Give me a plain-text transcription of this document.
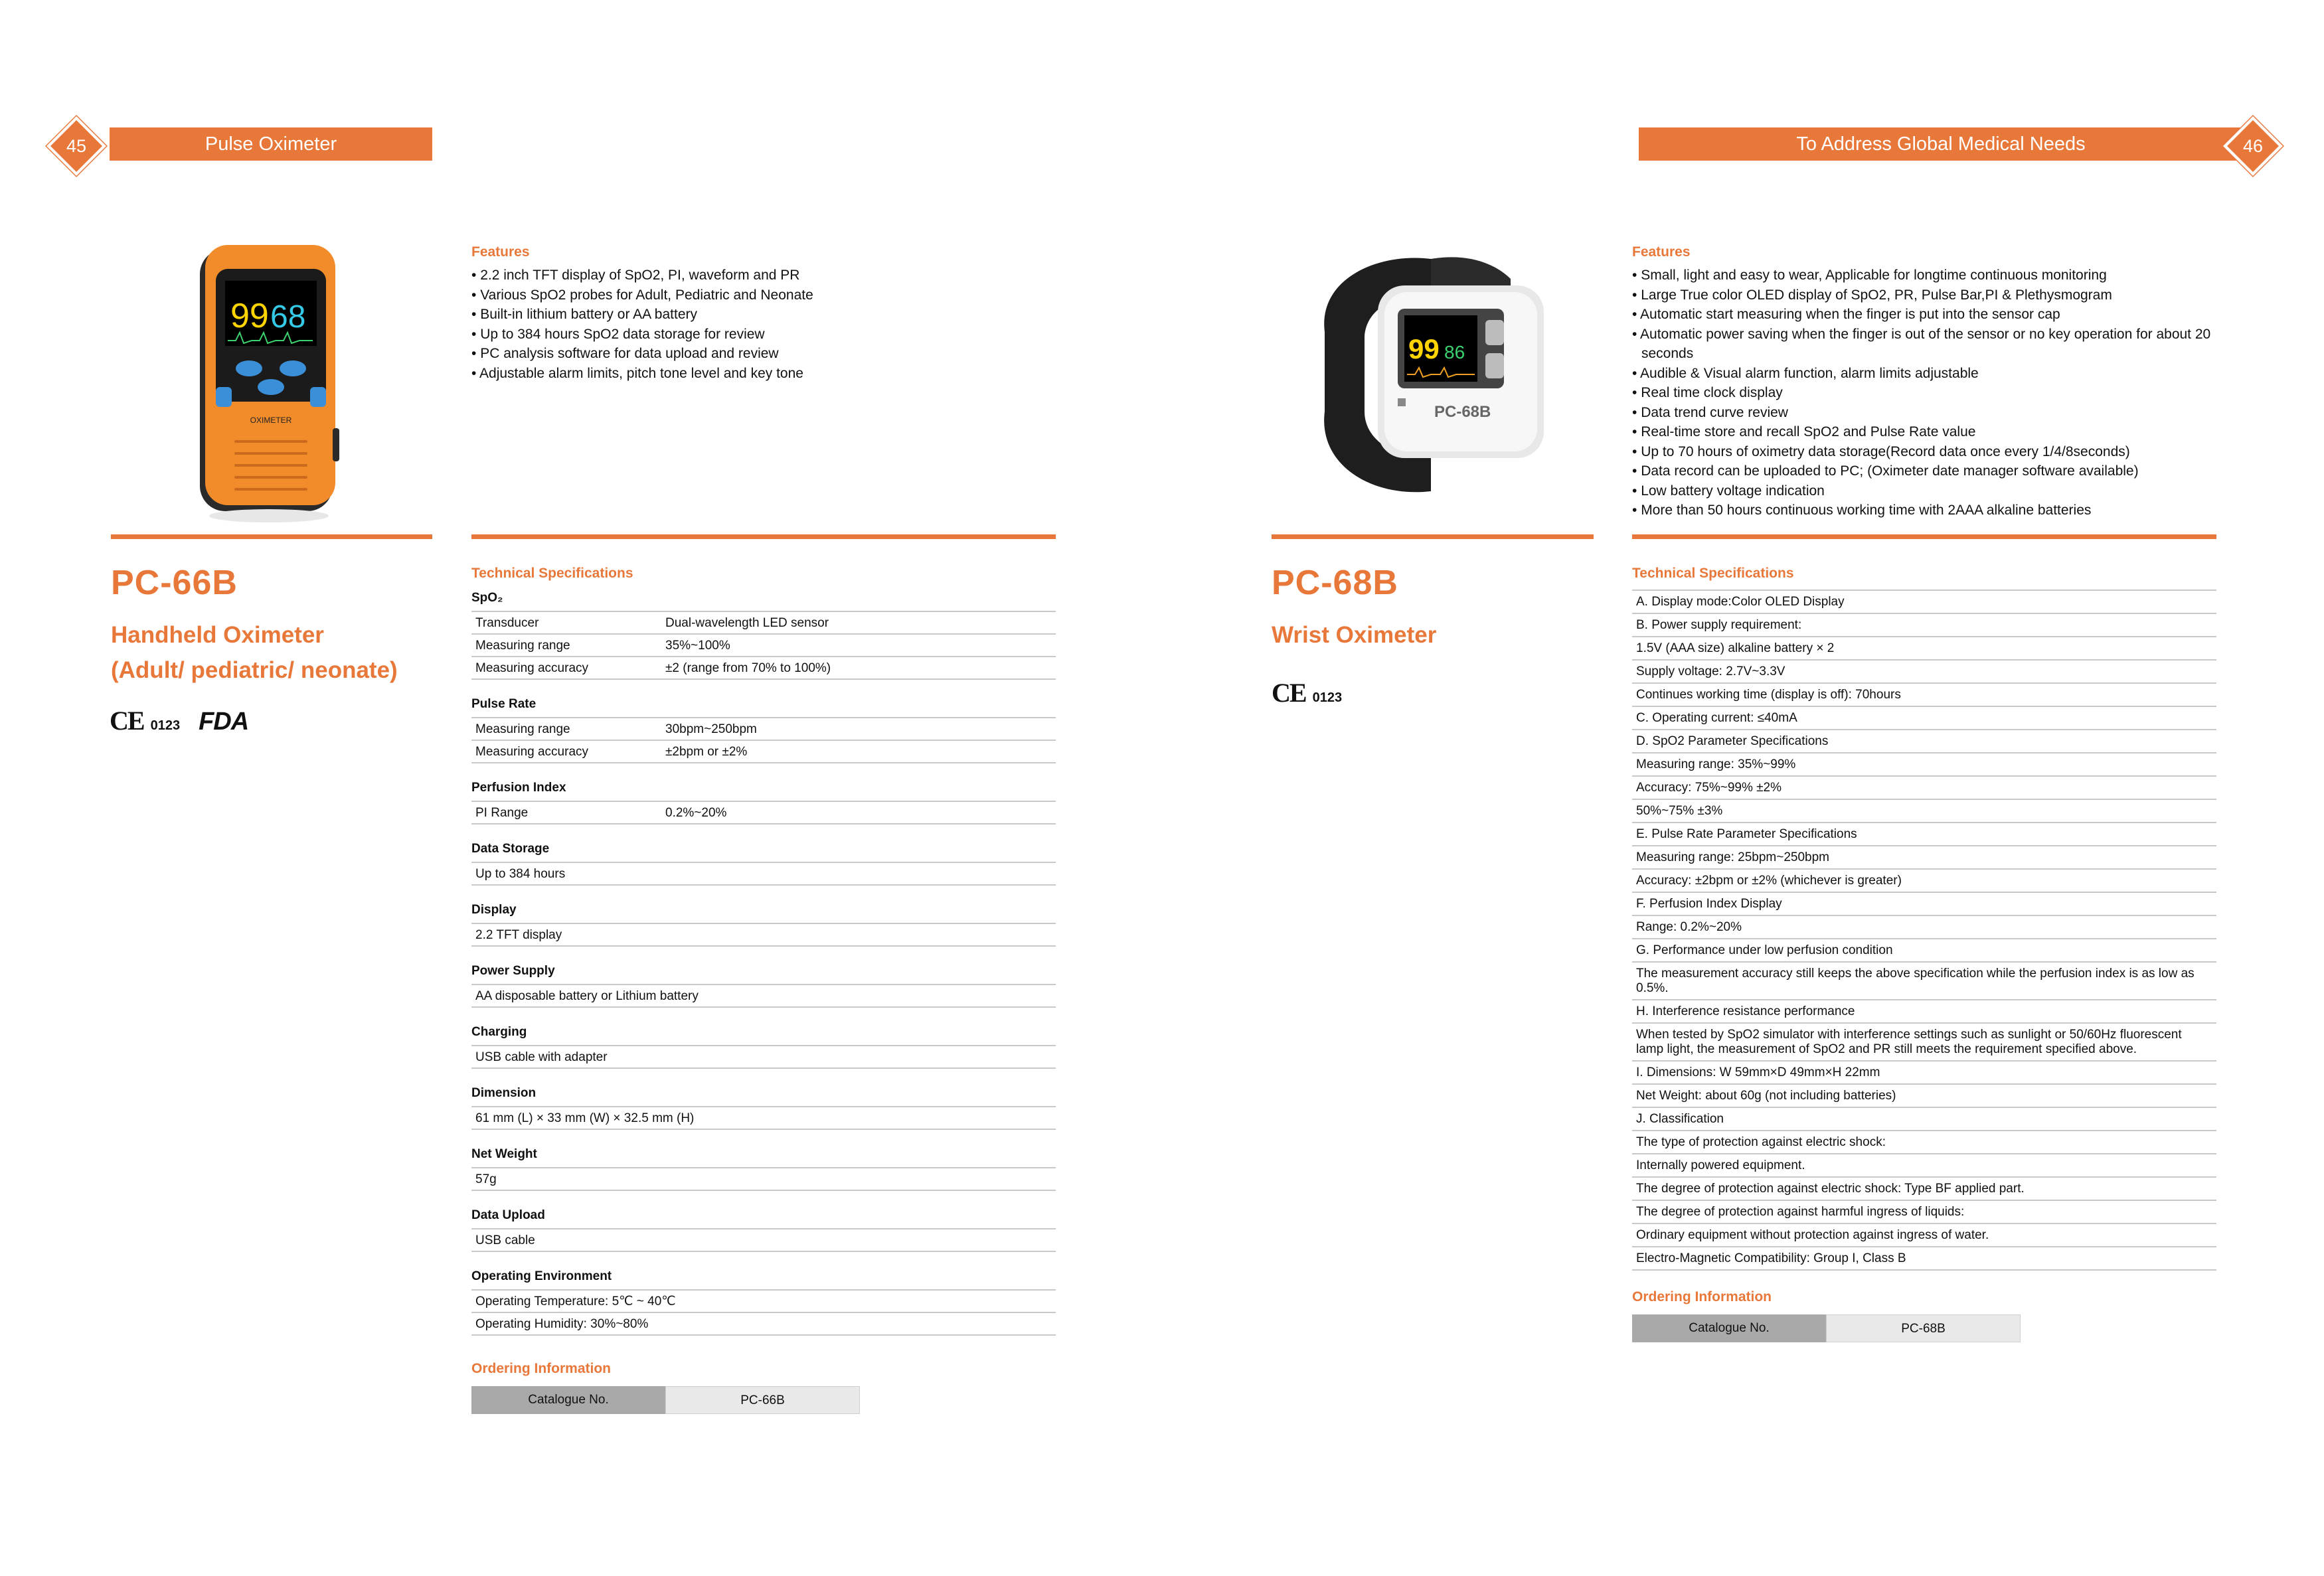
45	Pulse Oximeter
99 68
OXIMETER
PC-66B
Handheld Oximeter
(Adult/ pediatric/ neonate)
CE 0123 FDA
Features
• 2.2 inch TFT display of SpO2, PI, waveform and PR
• Various SpO2 probes for Adult, Pediatric and Neonate
• Built-in lithium battery or AA battery
• Up to 384 hours SpO2 data storage for review
• PC analysis software for data upload and review
• Adjustable alarm limits, pitch tone level and key tone
Technical Specifications
SpO₂
Transducer	Dual-wavelength LED sensor
Measuring range	35%~100%
Measuring accuracy	±2 (range from 70% to 100%)
Pulse Rate
Measuring range	30bpm~250bpm
Measuring accuracy	±2bpm or ±2%
Perfusion Index
PI Range	0.2%~20%
Data Storage
Up to 384 hours
Display
2.2 TFT display
Power Supply
AA disposable battery or Lithium battery
Charging
USB cable with adapter
Dimension
61 mm (L) × 33 mm (W) × 32.5 mm (H)
Net Weight
57g
Data Upload
USB cable
Operating Environment
Operating Temperature: 5℃ ~ 40℃
Operating Humidity: 30%~80%
Ordering Information
Catalogue No.	PC-66B
To Address Global Medical Needs	46
99 86
PC-68B
PC-68B
Wrist Oximeter
CE 0123
Features
• Small, light and easy to wear, Applicable for longtime continuous monitoring
• Large True color OLED display of SpO2, PR, Pulse Bar,PI & Plethysmogram
• Automatic start measuring when the finger is put into the sensor cap
• Automatic power saving when the finger is out of the sensor or no key operation for about 20 seconds
• Audible & Visual alarm function, alarm limits adjustable
• Real time clock display
• Data trend curve review
• Real-time store and recall SpO2 and Pulse Rate value
• Up to 70 hours of oximetry data storage(Record data once every 1/4/8seconds)
• Data record can be uploaded to PC; (Oximeter date manager software available)
• Low battery voltage indication
• More than 50 hours continuous working time with 2AAA alkaline batteries
Technical Specifications
A. Display mode:Color OLED Display
B. Power supply requirement:
1.5V (AAA size) alkaline battery × 2
Supply voltage: 2.7V~3.3V
Continues working time (display is off): 70hours
C. Operating current: ≤40mA
D. SpO2 Parameter Specifications
Measuring range: 35%~99%
Accuracy: 75%~99% ±2%
50%~75% ±3%
E. Pulse Rate Parameter Specifications
Measuring range: 25bpm~250bpm
Accuracy: ±2bpm or ±2% (whichever is greater)
F. Perfusion Index Display
Range: 0.2%~20%
G. Performance under low perfusion condition
The measurement accuracy still keeps the above specification while the perfusion index is as low as 0.5%.
H. Interference resistance performance
When tested by SpO2 simulator with interference settings such as sunlight or 50/60Hz fluorescent lamp light, the measurement of SpO2 and PR still meets the requirement specified above.
I. Dimensions: W 59mm×D 49mm×H 22mm
Net Weight: about 60g (not including batteries)
J. Classification
The type of protection against electric shock:
Internally powered equipment.
The degree of protection against electric shock: Type BF applied part.
The degree of protection against harmful ingress of liquids:
Ordinary equipment without protection against ingress of water.
Electro-Magnetic Compatibility: Group I, Class B
Ordering Information
Catalogue No.	PC-68B
